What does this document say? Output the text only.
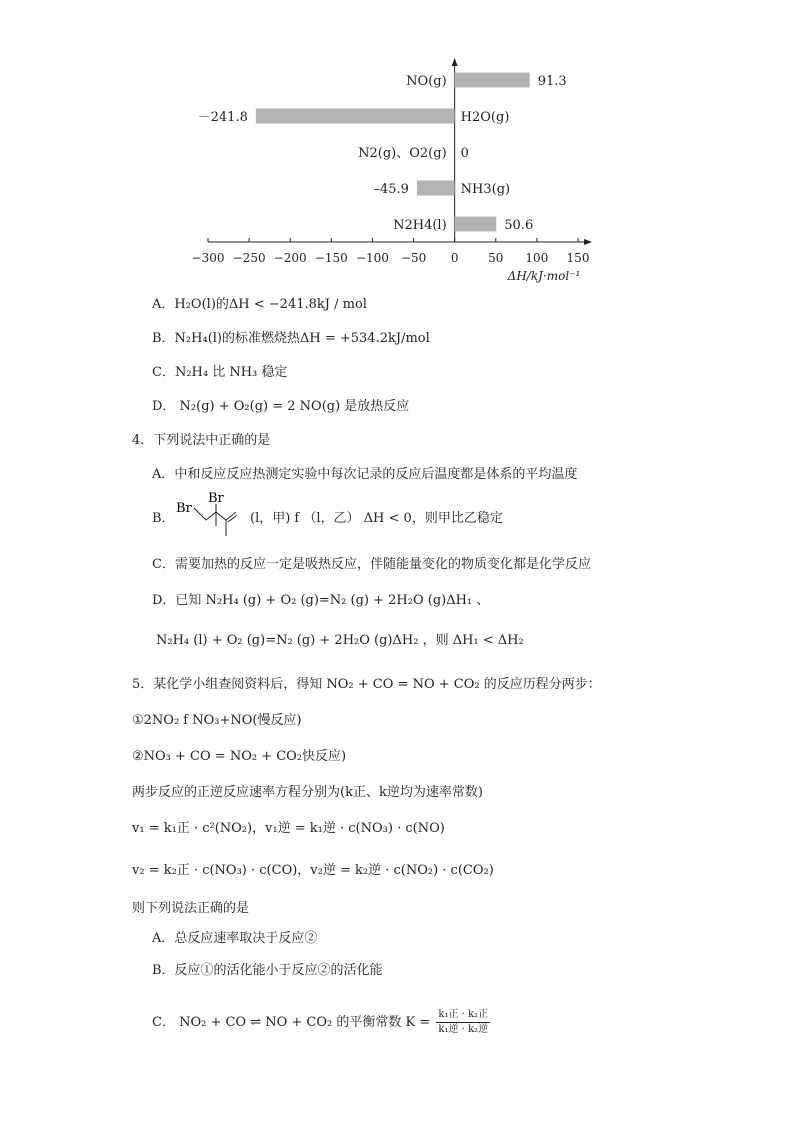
−300 −250 −200 −150 −100 −50 0 50 100 150
ΔH/kJ·mol⁻¹
NO(g)	91.3
H2O(g)
－241.8
N2(g)、O2(g) 0
NH3(g)
–45.9
N2H4(l)	50.6
A．H₂O(l)的ΔH < −241.8kJ / mol
B．N₂H₄(l)的标准燃烧热ΔH = +534.2kJ/mol
C．N₂H₄ 比 NH₃ 稳定
D． N₂(g) + O₂(g) = 2 NO(g) 是放热反应
4．下列说法中正确的是
A．中和反应反应热测定实验中每次记录的反应后温度都是体系的平均温度
B．
Br
Br
(l，甲) f （l，乙） ΔH < 0，则甲比乙稳定
C．需要加热的反应一定是吸热反应，伴随能量变化的物质变化都是化学反应
D．已知 N₂H₄ (g) + O₂ (g)=N₂ (g) + 2H₂O (g)ΔH₁ 、
N₂H₄ (l) + O₂ (g)=N₂ (g) + 2H₂O (g)ΔH₂ ，则 ΔH₁ < ΔH₂
5．某化学小组查阅资料后，得知 NO₂ + CO = NO + CO₂ 的反应历程分两步：
①2NO₂ f NO₃+NO(慢反应)
②NO₃ + CO = NO₂ + CO₂快反应)
两步反应的正逆反应速率方程分别为(k正、k逆均为速率常数)
v₁ = k₁正 · c²(NO₂)，v₁逆 = k₁逆 · c(NO₃) · c(NO)
v₂ = k₂正 · c(NO₃) · c(CO)，v₂逆 = k₂逆 · c(NO₂) · c(CO₂)
则下列说法正确的是
A．总反应速率取决于反应②
B．反应①的活化能小于反应②的活化能
C． NO₂ + CO ⇌ NO + CO₂ 的平衡常数 $K = \frac{\text{k₁正 · k₂正}}{\text{k₁逆 · k₂逆}}$
